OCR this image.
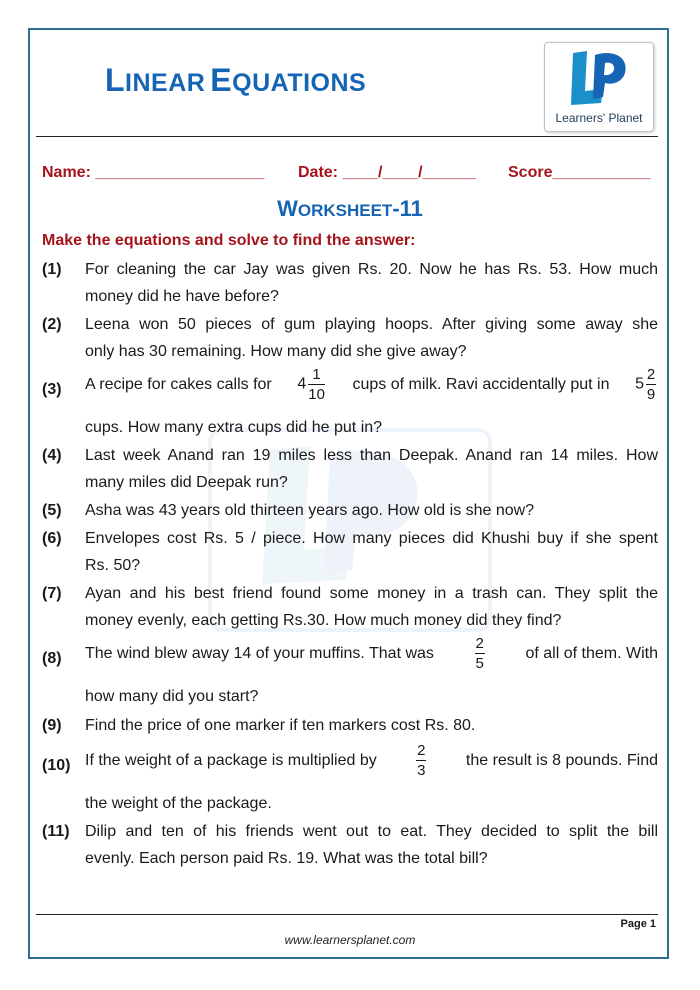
LINEAR EQUATIONS
Learners' Planet
Name: ___________________ Date: ____/____/______ Score___________
WORKSHEET-11
Make the equations and solve to find the answer:
(1) For cleaning the car Jay was given Rs. 20. Now he has Rs. 53. How much
money did he have before?
(2) Leena won 50 pieces of gum playing hoops. After giving some away she
only has 30 remaining. How many did she give away?
(3) A recipe for cakes calls for $4 \frac{1}{10}$ cups of milk. Ravi accidentally put in $5 \frac{2}{9}$
cups. How many extra cups did he put in?
(4) Last week Anand ran 19 miles less than Deepak. Anand ran 14 miles. How
many miles did Deepak run?
(5) Asha was 43 years old thirteen years ago. How old is she now?
(6) Envelopes cost Rs. 5 / piece. How many pieces did Khushi buy if she spent
Rs. 50?
(7) Ayan and his best friend found some money in a trash can. They split the
money evenly, each getting Rs.30. How much money did they find?
(8) The wind blew away 14 of your muffins. That was	$\frac{2}{5}$	of all of them. With
how many did you start?
(9) Find the price of one marker if ten markers cost Rs. 80.
(10) If the weight of a package is multiplied by	$\frac{2}{3}$ the result is 8 pounds. Find
the weight of the package.
(11) Dilip and ten of his friends went out to eat. They decided to split the bill
evenly. Each person paid Rs. 19. What was the total bill?
Page 1
www.learnersplanet.com
